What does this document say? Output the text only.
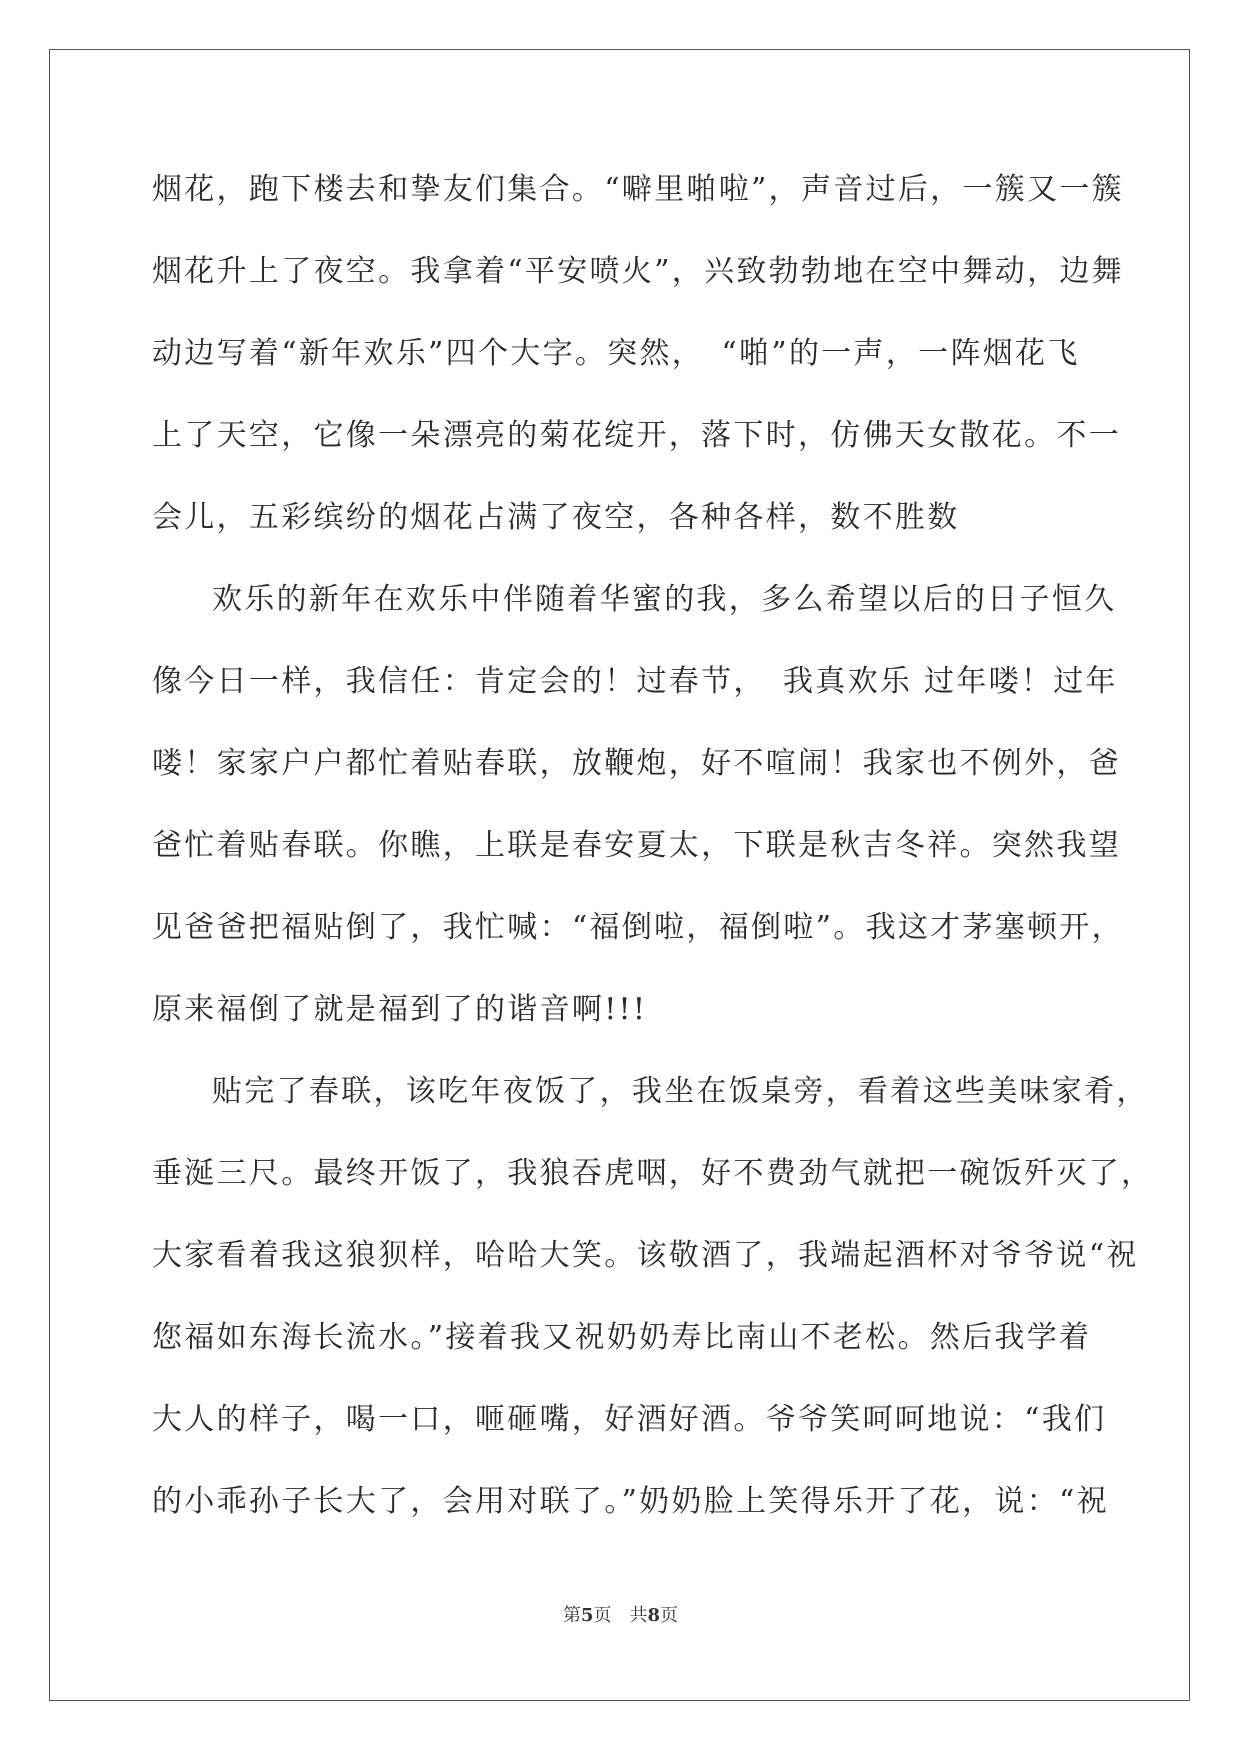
烟花，跑下楼去和挚友们集合。“噼里啪啦”，声音过后，一簇又一簇
烟花升上了夜空。我拿着“平安喷火”，兴致勃勃地在空中舞动，边舞
动边写着“新年欢乐”四个大字。突然，　“啪”的一声，一阵烟花飞
上了天空，它像一朵漂亮的菊花绽开，落下时，仿佛天女散花。不一
会儿，五彩缤纷的烟花占满了夜空，各种各样，数不胜数
欢乐的新年在欢乐中伴随着华蜜的我，多么希望以后的日子恒久
像今日一样，我信任：肯定会的！过春节，　我真欢乐 过年喽！过年
喽！家家户户都忙着贴春联，放鞭炮，好不喧闹！我家也不例外，爸
爸忙着贴春联。你瞧，上联是春安夏太，下联是秋吉冬祥。突然我望
见爸爸把福贴倒了，我忙喊：“福倒啦，福倒啦”。我这才茅塞顿开，
原来福倒了就是福到了的谐音啊!!!
贴完了春联，该吃年夜饭了，我坐在饭桌旁，看着这些美味家肴，
垂涎三尺。最终开饭了，我狼吞虎咽，好不费劲气就把一碗饭歼灭了，
大家看着我这狼狈样，哈哈大笑。该敬酒了，我端起酒杯对爷爷说“祝
您福如东海长流水。”接着我又祝奶奶寿比南山不老松。然后我学着
大人的样子，喝一口，咂砸嘴，好酒好酒。爷爷笑呵呵地说：“我们
的小乖孙子长大了，会用对联了。”奶奶脸上笑得乐开了花，说：“祝
第5页 共8页
